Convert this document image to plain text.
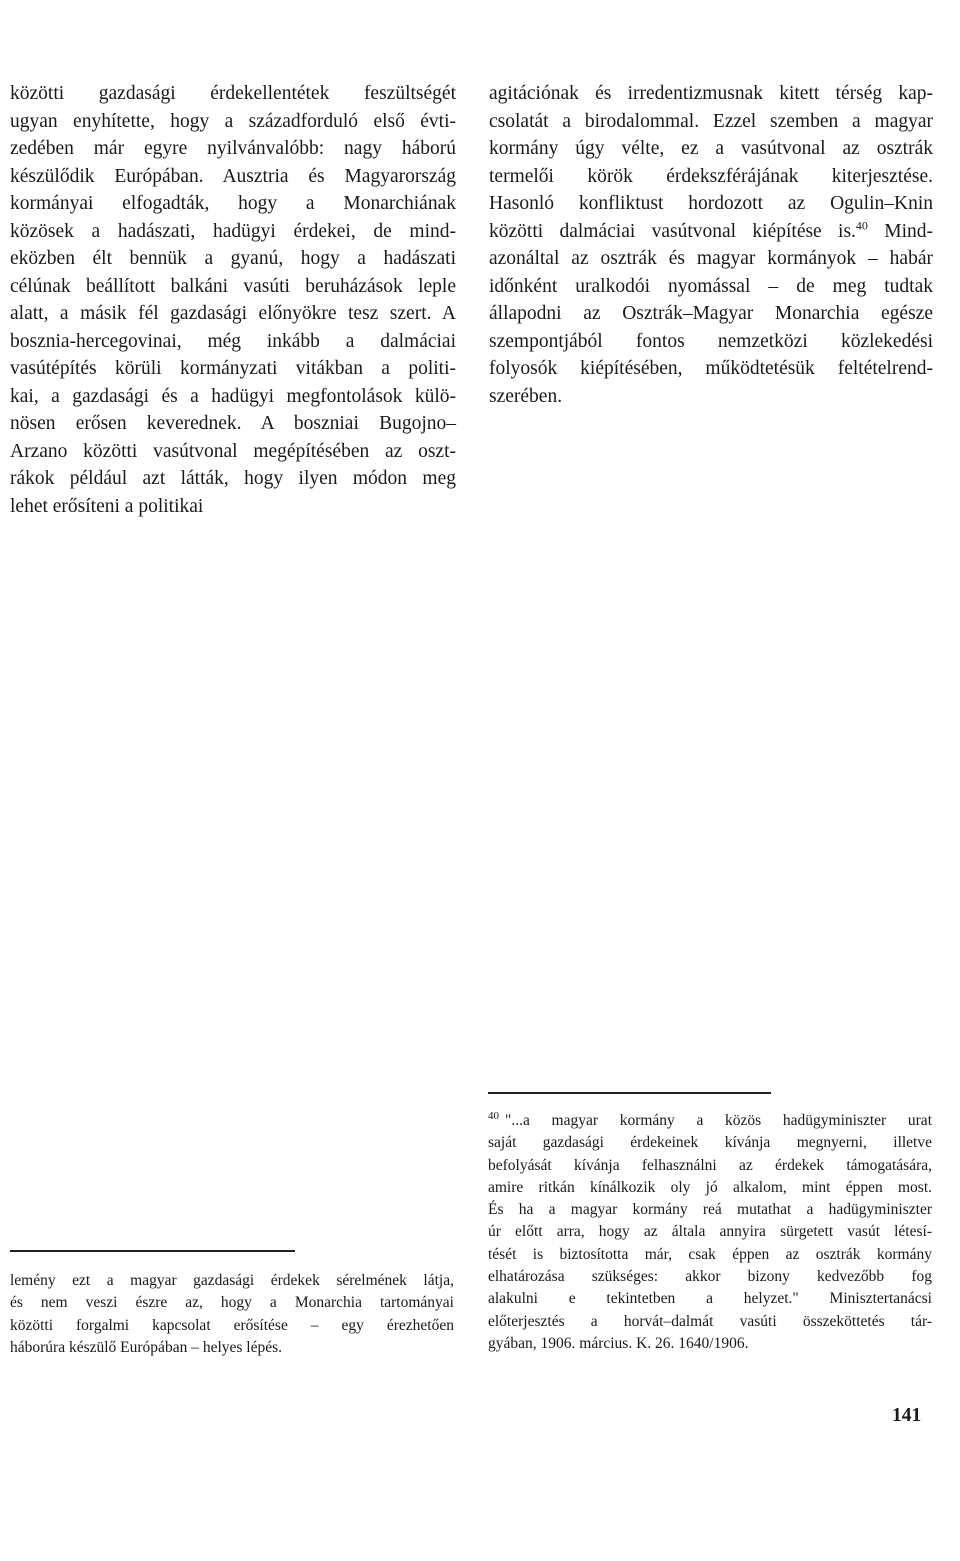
közötti gazdasági érdekellentétek feszültségét
ugyan enyhítette, hogy a századforduló első évti-
zedében már egyre nyilvánvalóbb: nagy háború
készülődik Európában. Ausztria és Magyarország
kormányai elfogadták, hogy a Monarchiának
közösek a hadászati, hadügyi érdekei, de mind-
eközben élt bennük a gyanú, hogy a hadászati
célúnak beállított balkáni vasúti beruházások leple
alatt, a másik fél gazdasági előnyökre tesz szert. A
bosznia-hercegovinai, még inkább a dalmáciai
vasútépítés körüli kormányzati vitákban a politi-
kai, a gazdasági és a hadügyi megfontolások külö-
nösen erősen keverednek. A boszniai Bugojno–
Arzano közötti vasútvonal megépítésében az oszt-
rákok például azt látták, hogy ilyen módon meg
lehet erősíteni a politikai
agitációnak és irredentizmusnak kitett térség kap-
csolatát a birodalommal. Ezzel szemben a magyar
kormány úgy vélte, ez a vasútvonal az osztrák
termelői körök érdekszférájának kiterjesztése.
Hasonló konfliktust hordozott az Ogulin–Knin
közötti dalmáciai vasútvonal kiépítése is.$^{40}$ Mind-
azonáltal az osztrák és magyar kormányok – habár
időnként uralkodói nyomással – de meg tudtak
állapodni az Osztrák–Magyar Monarchia egésze
szempontjából fontos nemzetközi közlekedési
folyosók kiépítésében, működtetésük feltételrend-
szerében.
lemény ezt a magyar gazdasági érdekek sérelmének látja,
és nem veszi észre az, hogy a Monarchia tartományai
közötti forgalmi kapcsolat erősítése – egy érezhetően
háborúra készülő Európában – helyes lépés.
$^{40}$ "...a magyar kormány a közös hadügyminiszter urat
saját gazdasági érdekeinek kívánja megnyerni, illetve
befolyását kívánja felhasználni az érdekek támogatására,
amire ritkán kínálkozik oly jó alkalom, mint éppen most.
És ha a magyar kormány reá mutathat a hadügyminiszter
úr előtt arra, hogy az általa annyira sürgetett vasút létesí-
tését is biztosította már, csak éppen az osztrák kormány
elhatározása szükséges: akkor bizony kedvezőbb fog
alakulni e tekintetben a helyzet." Minisztertanácsi
előterjesztés a horvát–dalmát vasúti összeköttetés tár-
gyában, 1906. március. K. 26. 1640/1906.
141
